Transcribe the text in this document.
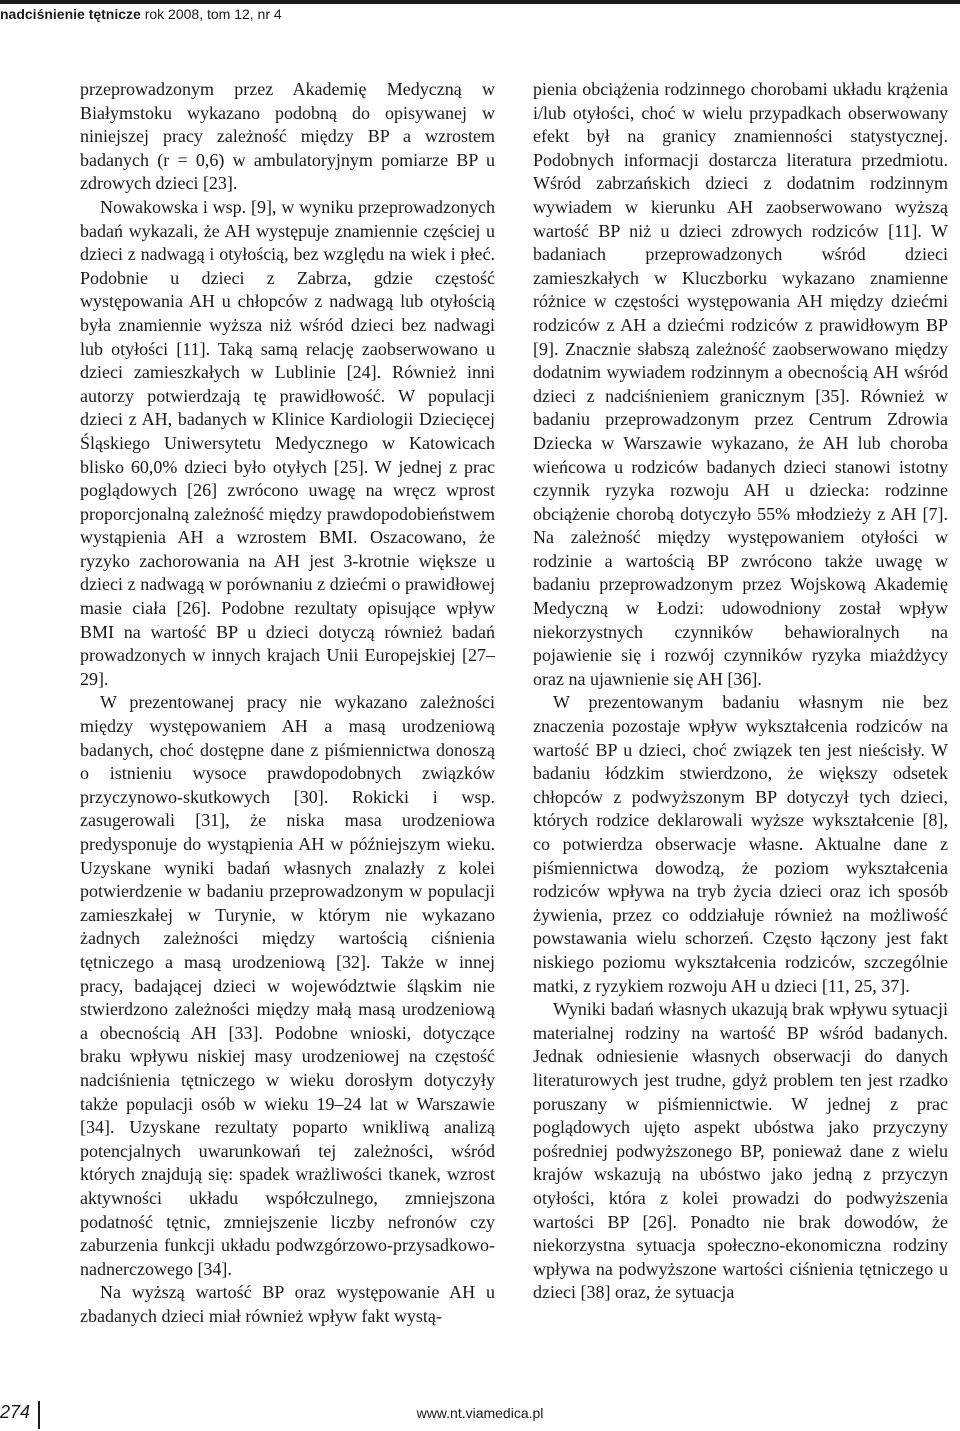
nadciśnienie tętnicze rok 2008, tom 12, nr 4

przeprowadzonym przez Akademię Medyczną w Białymstoku wykazano podobną do opisywanej w niniejszej pracy zależność między BP a wzrostem badanych (r = 0,6) w ambulatoryjnym pomiarze BP u zdrowych dzieci [23].

Nowakowska i wsp. [9], w wyniku przeprowadzonych badań wykazali, że AH występuje znamiennie częściej u dzieci z nadwagą i otyłością, bez względu na wiek i płeć. Podobnie u dzieci z Zabrza, gdzie częstość występowania AH u chłopców z nadwagą lub otyłością była znamiennie wyższa niż wśród dzieci bez nadwagi lub otyłości [11]. Taką samą relację zaobserwowano u dzieci zamieszkałych w Lublinie [24]. Również inni autorzy potwierdzają tę prawidłowość. W populacji dzieci z AH, badanych w Klinice Kardiologii Dziecięcej Śląskiego Uniwersytetu Medycznego w Katowicach blisko 60,0% dzieci było otyłych [25]. W jednej z prac poglądowych [26] zwrócono uwagę na wręcz wprost proporcjonalną zależność między prawdopodobieństwem wystąpienia AH a wzrostem BMI. Oszacowano, że ryzyko zachorowania na AH jest 3-krotnie większe u dzieci z nadwagą w porównaniu z dziećmi o prawidłowej masie ciała [26]. Podobne rezultaty opisujące wpływ BMI na wartość BP u dzieci dotyczą również badań prowadzonych w innych krajach Unii Europejskiej [27–29].

W prezentowanej pracy nie wykazano zależności między występowaniem AH a masą urodzeniową badanych, choć dostępne dane z piśmiennictwa donoszą o istnieniu wysoce prawdopodobnych związków przyczynowo-skutkowych [30]. Rokicki i wsp. zasugerowali [31], że niska masa urodzeniowa predysponuje do wystąpienia AH w późniejszym wieku. Uzyskane wyniki badań własnych znalazły z kolei potwierdzenie w badaniu przeprowadzonym w populacji zamieszkałej w Turynie, w którym nie wykazano żadnych zależności między wartością ciśnienia tętniczego a masą urodzeniową [32]. Także w innej pracy, badającej dzieci w województwie śląskim nie stwierdzono zależności między małą masą urodzeniową a obecnością AH [33]. Podobne wnioski, dotyczące braku wpływu niskiej masy urodzeniowej na częstość nadciśnienia tętniczego w wieku dorosłym dotyczyły także populacji osób w wieku 19–24 lat w Warszawie [34]. Uzyskane rezultaty poparto wnikliwą analizą potencjalnych uwarunkowań tej zależności, wśród których znajdują się: spadek wrażliwości tkanek, wzrost aktywności układu współczulnego, zmniejszona podatność tętnic, zmniejszenie liczby nefronów czy zaburzenia funkcji układu podwzgórzowo-przysadkowo-nadnerczowego [34].

Na wyższą wartość BP oraz występowanie AH u zbadanych dzieci miał również wpływ fakt wystą-

pienia obciążenia rodzinnego chorobami układu krążenia i/lub otyłości, choć w wielu przypadkach obserwowany efekt był na granicy znamienności statystycznej. Podobnych informacji dostarcza literatura przedmiotu. Wśród zabrzańskich dzieci z dodatnim rodzinnym wywiadem w kierunku AH zaobserwowano wyższą wartość BP niż u dzieci zdrowych rodziców [11]. W badaniach przeprowadzonych wśród dzieci zamieszkałych w Kluczborku wykazano znamienne różnice w częstości występowania AH między dziećmi rodziców z AH a dziećmi rodziców z prawidłowym BP [9]. Znacznie słabszą zależność zaobserwowano między dodatnim wywiadem rodzinnym a obecnością AH wśród dzieci z nadciśnieniem granicznym [35]. Również w badaniu przeprowadzonym przez Centrum Zdrowia Dziecka w Warszawie wykazano, że AH lub choroba wieńcowa u rodziców badanych dzieci stanowi istotny czynnik ryzyka rozwoju AH u dziecka: rodzinne obciążenie chorobą dotyczyło 55% młodzieży z AH [7]. Na zależność między występowaniem otyłości w rodzinie a wartością BP zwrócono także uwagę w badaniu przeprowadzonym przez Wojskową Akademię Medyczną w Łodzi: udowodniony został wpływ niekorzystnych czynników behawioralnych na pojawienie się i rozwój czynników ryzyka miażdżycy oraz na ujawnienie się AH [36].

W prezentowanym badaniu własnym nie bez znaczenia pozostaje wpływ wykształcenia rodziców na wartość BP u dzieci, choć związek ten jest nieścisły. W badaniu łódzkim stwierdzono, że większy odsetek chłopców z podwyższonym BP dotyczył tych dzieci, których rodzice deklarowali wyższe wykształcenie [8], co potwierdza obserwacje własne. Aktualne dane z piśmiennictwa dowodzą, że poziom wykształcenia rodziców wpływa na tryb życia dzieci oraz ich sposób żywienia, przez co oddziałuje również na możliwość powstawania wielu schorzeń. Często łączony jest fakt niskiego poziomu wykształcenia rodziców, szczególnie matki, z ryzykiem rozwoju AH u dzieci [11, 25, 37].

Wyniki badań własnych ukazują brak wpływu sytuacji materialnej rodziny na wartość BP wśród badanych. Jednak odniesienie własnych obserwacji do danych literaturowych jest trudne, gdyż problem ten jest rzadko poruszany w piśmiennictwie. W jednej z prac poglądowych ujęto aspekt ubóstwa jako przyczyny pośredniej podwyższonego BP, ponieważ dane z wielu krajów wskazują na ubóstwo jako jedną z przyczyn otyłości, która z kolei prowadzi do podwyższenia wartości BP [26]. Ponadto nie brak dowodów, że niekorzystna sytuacja społeczno-ekonomiczna rodziny wpływa na podwyższone wartości ciśnienia tętniczego u dzieci [38] oraz, że sytuacja

274	www.nt.viamedica.pl
